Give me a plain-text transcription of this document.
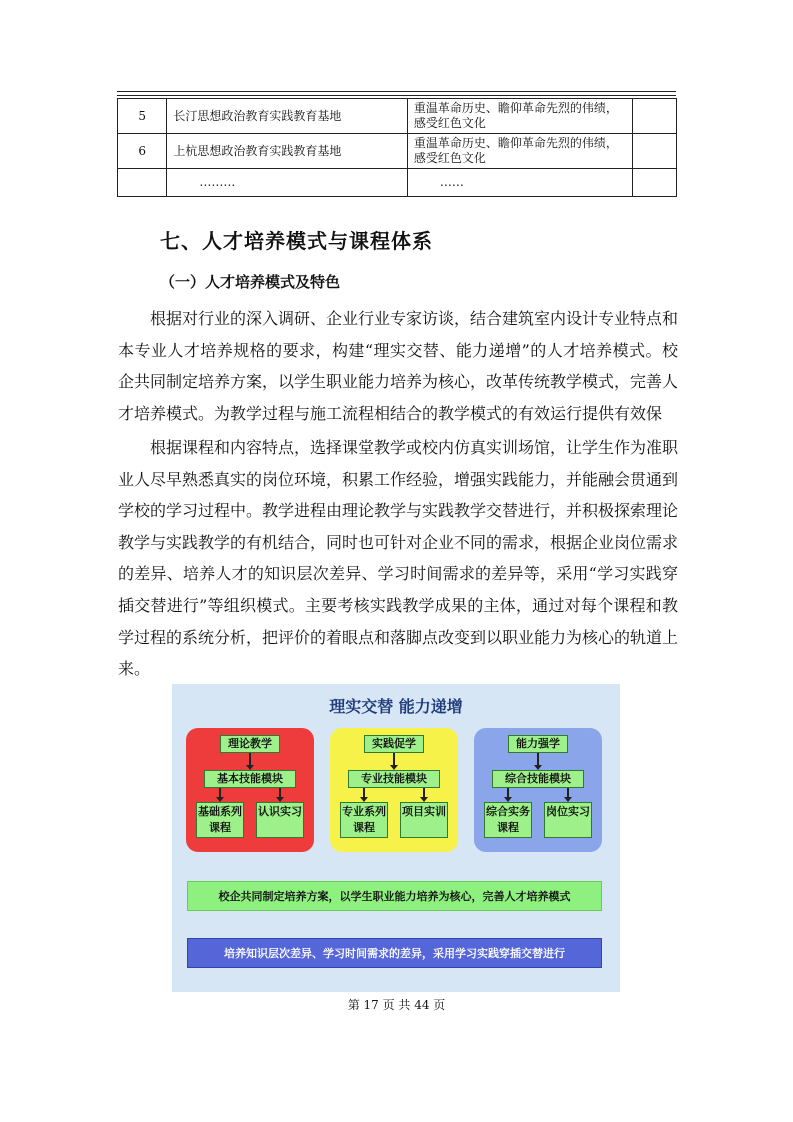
5	长汀思想政治教育实践教育基地	重温革命历史、瞻仰革命先烈的伟绩，感受红色文化	
6	上杭思想政治教育实践教育基地	重温革命历史、瞻仰革命先烈的伟绩，感受红色文化	
	………	……	
七、人才培养模式与课程体系
（一）人才培养模式及特色

根据对行业的深入调研、企业行业专家访谈，结合建筑室内设计专业特点和本专业人才培养规格的要求，构建“理实交替、能力递增”的人才培养模式。校企共同制定培养方案，以学生职业能力培养为核心，改革传统教学模式，完善人才培养模式。为教学过程与施工流程相结合的教学模式的有效运行提供有效保

根据课程和内容特点，选择课堂教学或校内仿真实训场馆，让学生作为准职业人尽早熟悉真实的岗位环境，积累工作经验，增强实践能力，并能融会贯通到学校的学习过程中。教学进程由理论教学与实践教学交替进行，并积极探索理论教学与实践教学的有机结合，同时也可针对企业不同的需求，根据企业岗位需求的差异、培养人才的知识层次差异、学习时间需求的差异等，采用“学习实践穿插交替进行”等组织模式。主要考核实践教学成果的主体，通过对每个课程和教学过程的系统分析，把评价的着眼点和落脚点改变到以职业能力为核心的轨道上来。

理实交替 能力递增
理论教学
基本技能模块
基础系列课程
认识实习
实践促学
专业技能模块
专业系列课程
项目实训
能力强学
综合技能模块
综合实务课程
岗位实习
校企共同制定培养方案，以学生职业能力培养为核心，完善人才培养模式
培养知识层次差异、学习时间需求的差异，采用学习实践穿插交替进行
第 17 页 共 44 页
